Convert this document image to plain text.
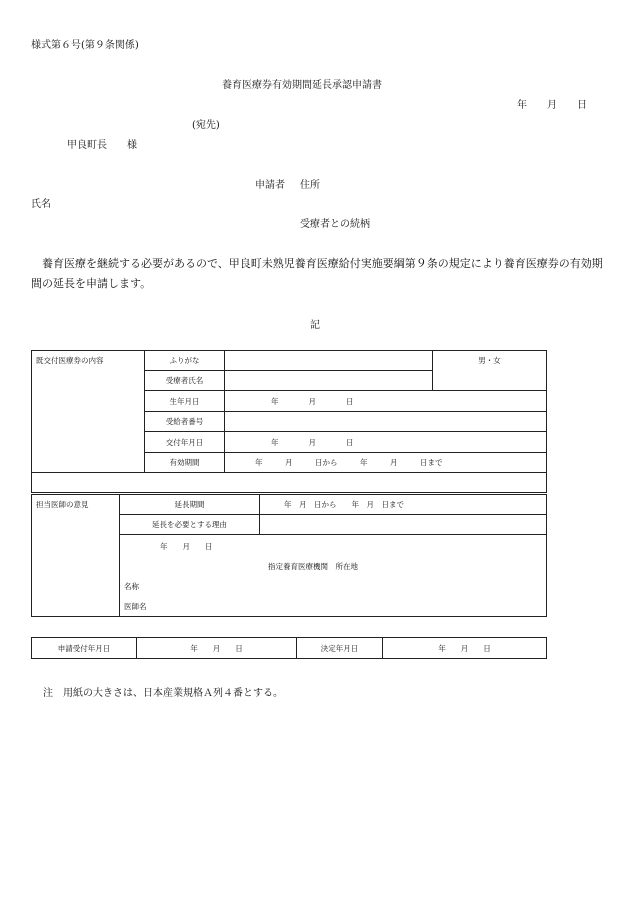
様式第６号(第９条関係)
養育医療券有効期間延長承認申請書
年　　月　　日
(宛先)
甲良町長　　様
申請者 住所
氏名
受療者との続柄
養育医療を継続する必要があるので、甲良町未熟児養育医療給付実施要綱第９条の規定により養育医療券の有効期間の延長を申請します。
記
既交付医療券の内容	ふりがな		男・女
	受療者氏名		
	生年月日	年　　　　月　　　　日	
	受給者番号		
	交付年月日	年　　　　月　　　　日	
	有効期間	年　　　月　　　日から　　　年　　　月　　　日まで	

担当医師の意見	延長期間	年　月　日から　　年　月　日まで
	延長を必要とする理由	

	年　　月　　日
指定養育医療機関　所在地
名称
医師名	
申請受付年月日	年　　月　　日	決定年月日	年　　月　　日
注　用紙の大きさは、日本産業規格Ａ列４番とする。
